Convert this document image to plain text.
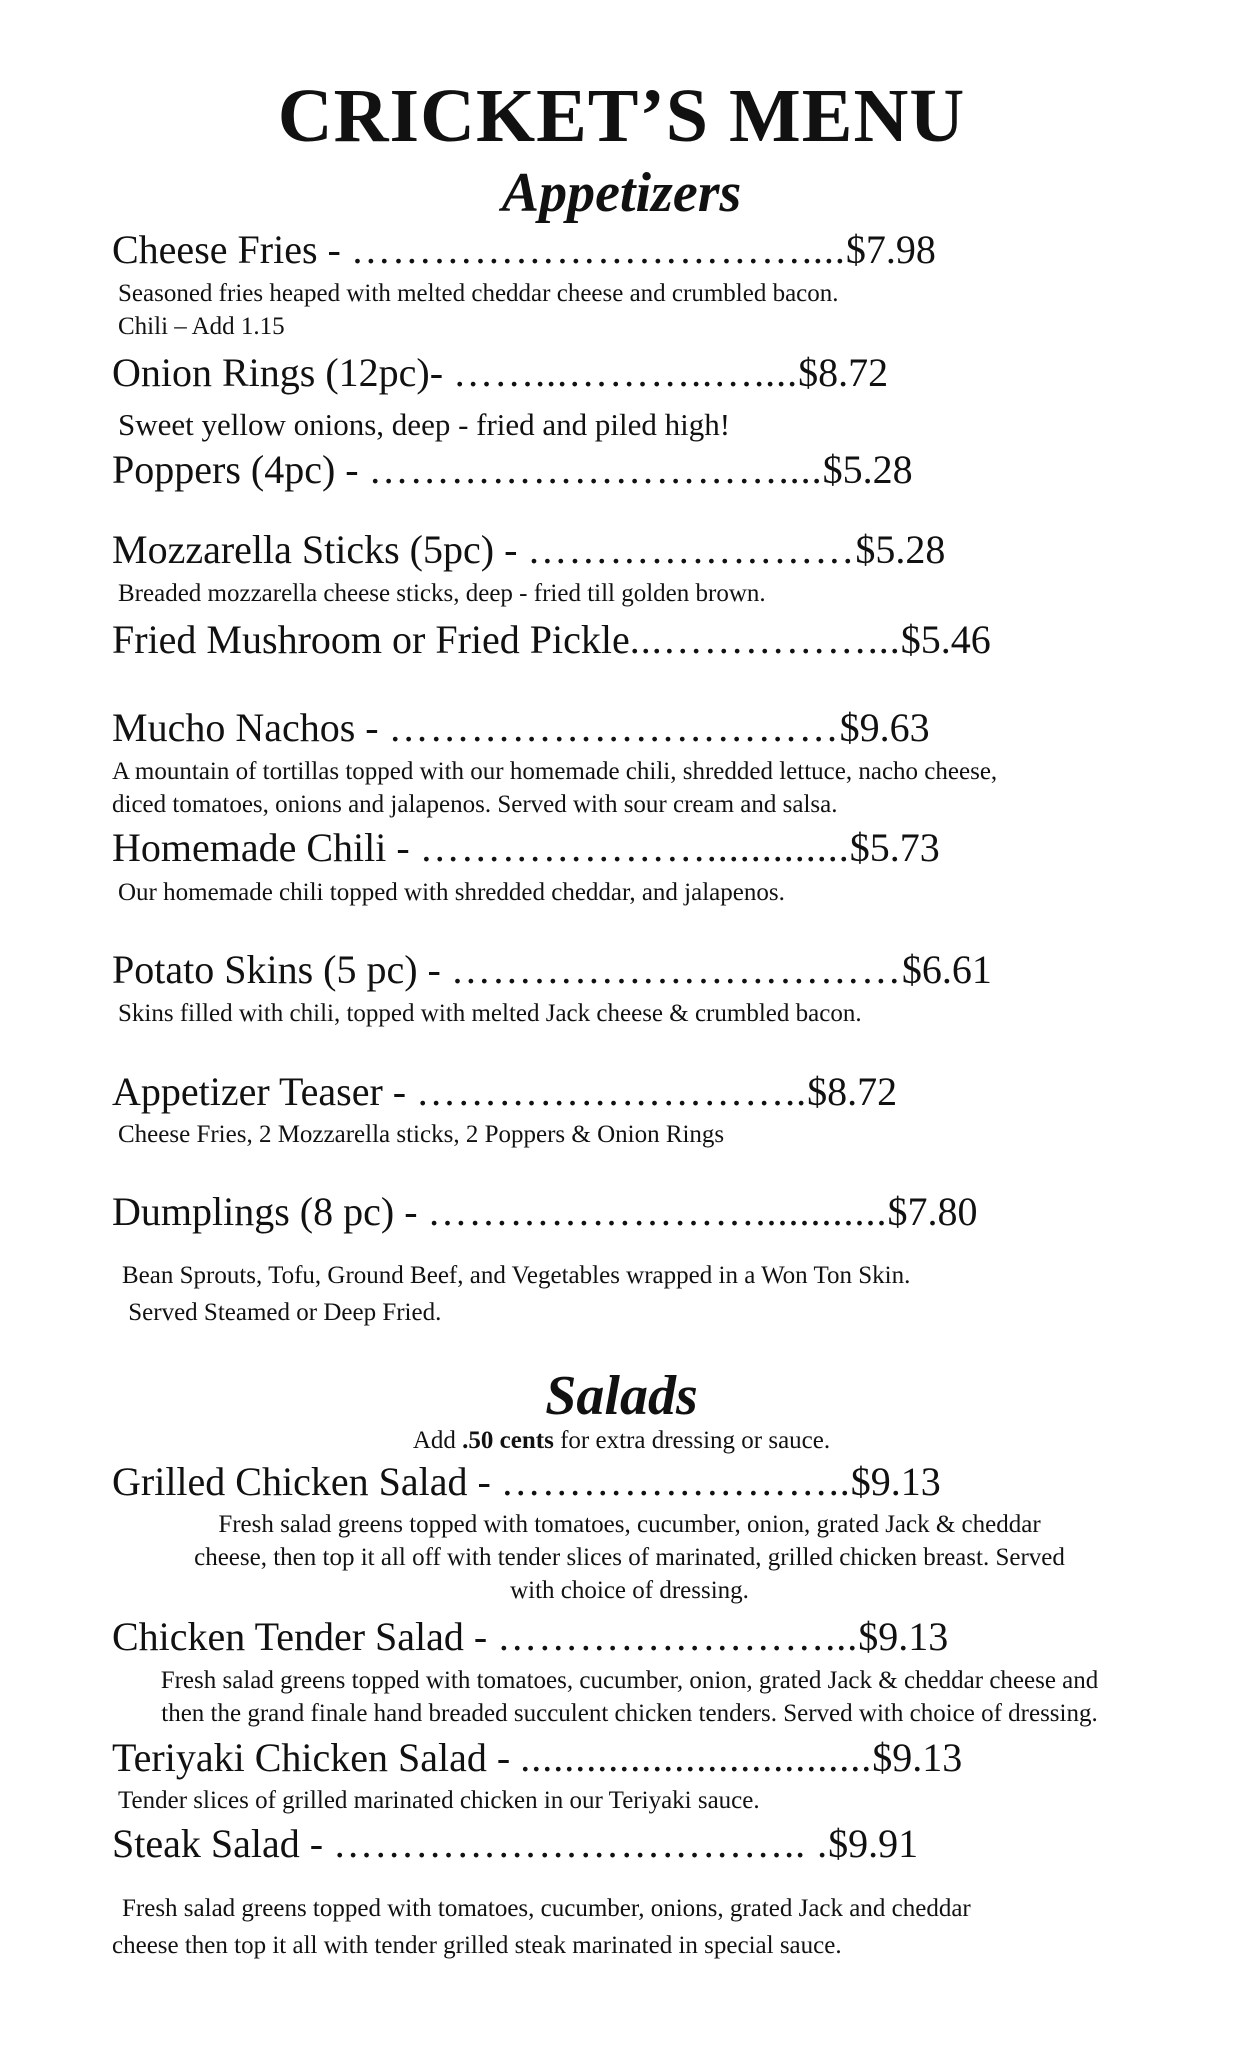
CRICKET’S MENU
Appetizers
Cheese Fries - ……………………………....$7.98
Seasoned fries heaped with melted cheddar cheese and crumbled bacon.
Chili – Add 1.15
Onion Rings (12pc)- ……...………..…....$8.72
Sweet yellow onions, deep - fried and piled high!
Poppers (4pc) - …………………………....$5.28
Mozzarella Sticks (5pc) - ……………………$5.28
Breaded mozzarella cheese sticks, deep - fried till golden brown.
Fried Mushroom or Fried Pickle...……………...$5.46
Mucho Nachos - ……………………………$9.63
A mountain of tortillas topped with our homemade chili, shredded lettuce, nacho cheese,
diced tomatoes, onions and jalapenos. Served with sour cream and salsa.
Homemade Chili - ………………….............$5.73
Our homemade chili topped with shredded cheddar, and jalapenos.
Potato Skins (5 pc) - ……………………………$6.61
Skins filled with chili, topped with melted Jack cheese & crumbled bacon.
Appetizer Teaser - ………………………..$8.72
Cheese Fries, 2 Mozzarella sticks, 2 Poppers & Onion Rings
Dumplings (8 pc) - ……………………............$7.80
Bean Sprouts, Tofu, Ground Beef, and Vegetables wrapped in a Won Ton Skin.
Served Steamed or Deep Fried.
Salads
Add .50 cents for extra dressing or sauce.
Grilled Chicken Salad - ……………………..$9.13
Fresh salad greens topped with tomatoes, cucumber, onion, grated Jack & cheddar
cheese, then top it all off with tender slices of marinated, grilled chicken breast. Served
with choice of dressing.
Chicken Tender Salad - ……………………...$9.13
Fresh salad greens topped with tomatoes, cucumber, onion, grated Jack & cheddar cheese and
then the grand finale hand breaded succulent chicken tenders. Served with choice of dressing.
Teriyaki Chicken Salad - ................................$9.13
Tender slices of grilled marinated chicken in our Teriyaki sauce.
Steak Salad - …………………………….. .$9.91
Fresh salad greens topped with tomatoes, cucumber, onions, grated Jack and cheddar
cheese then top it all with tender grilled steak marinated in special sauce.
